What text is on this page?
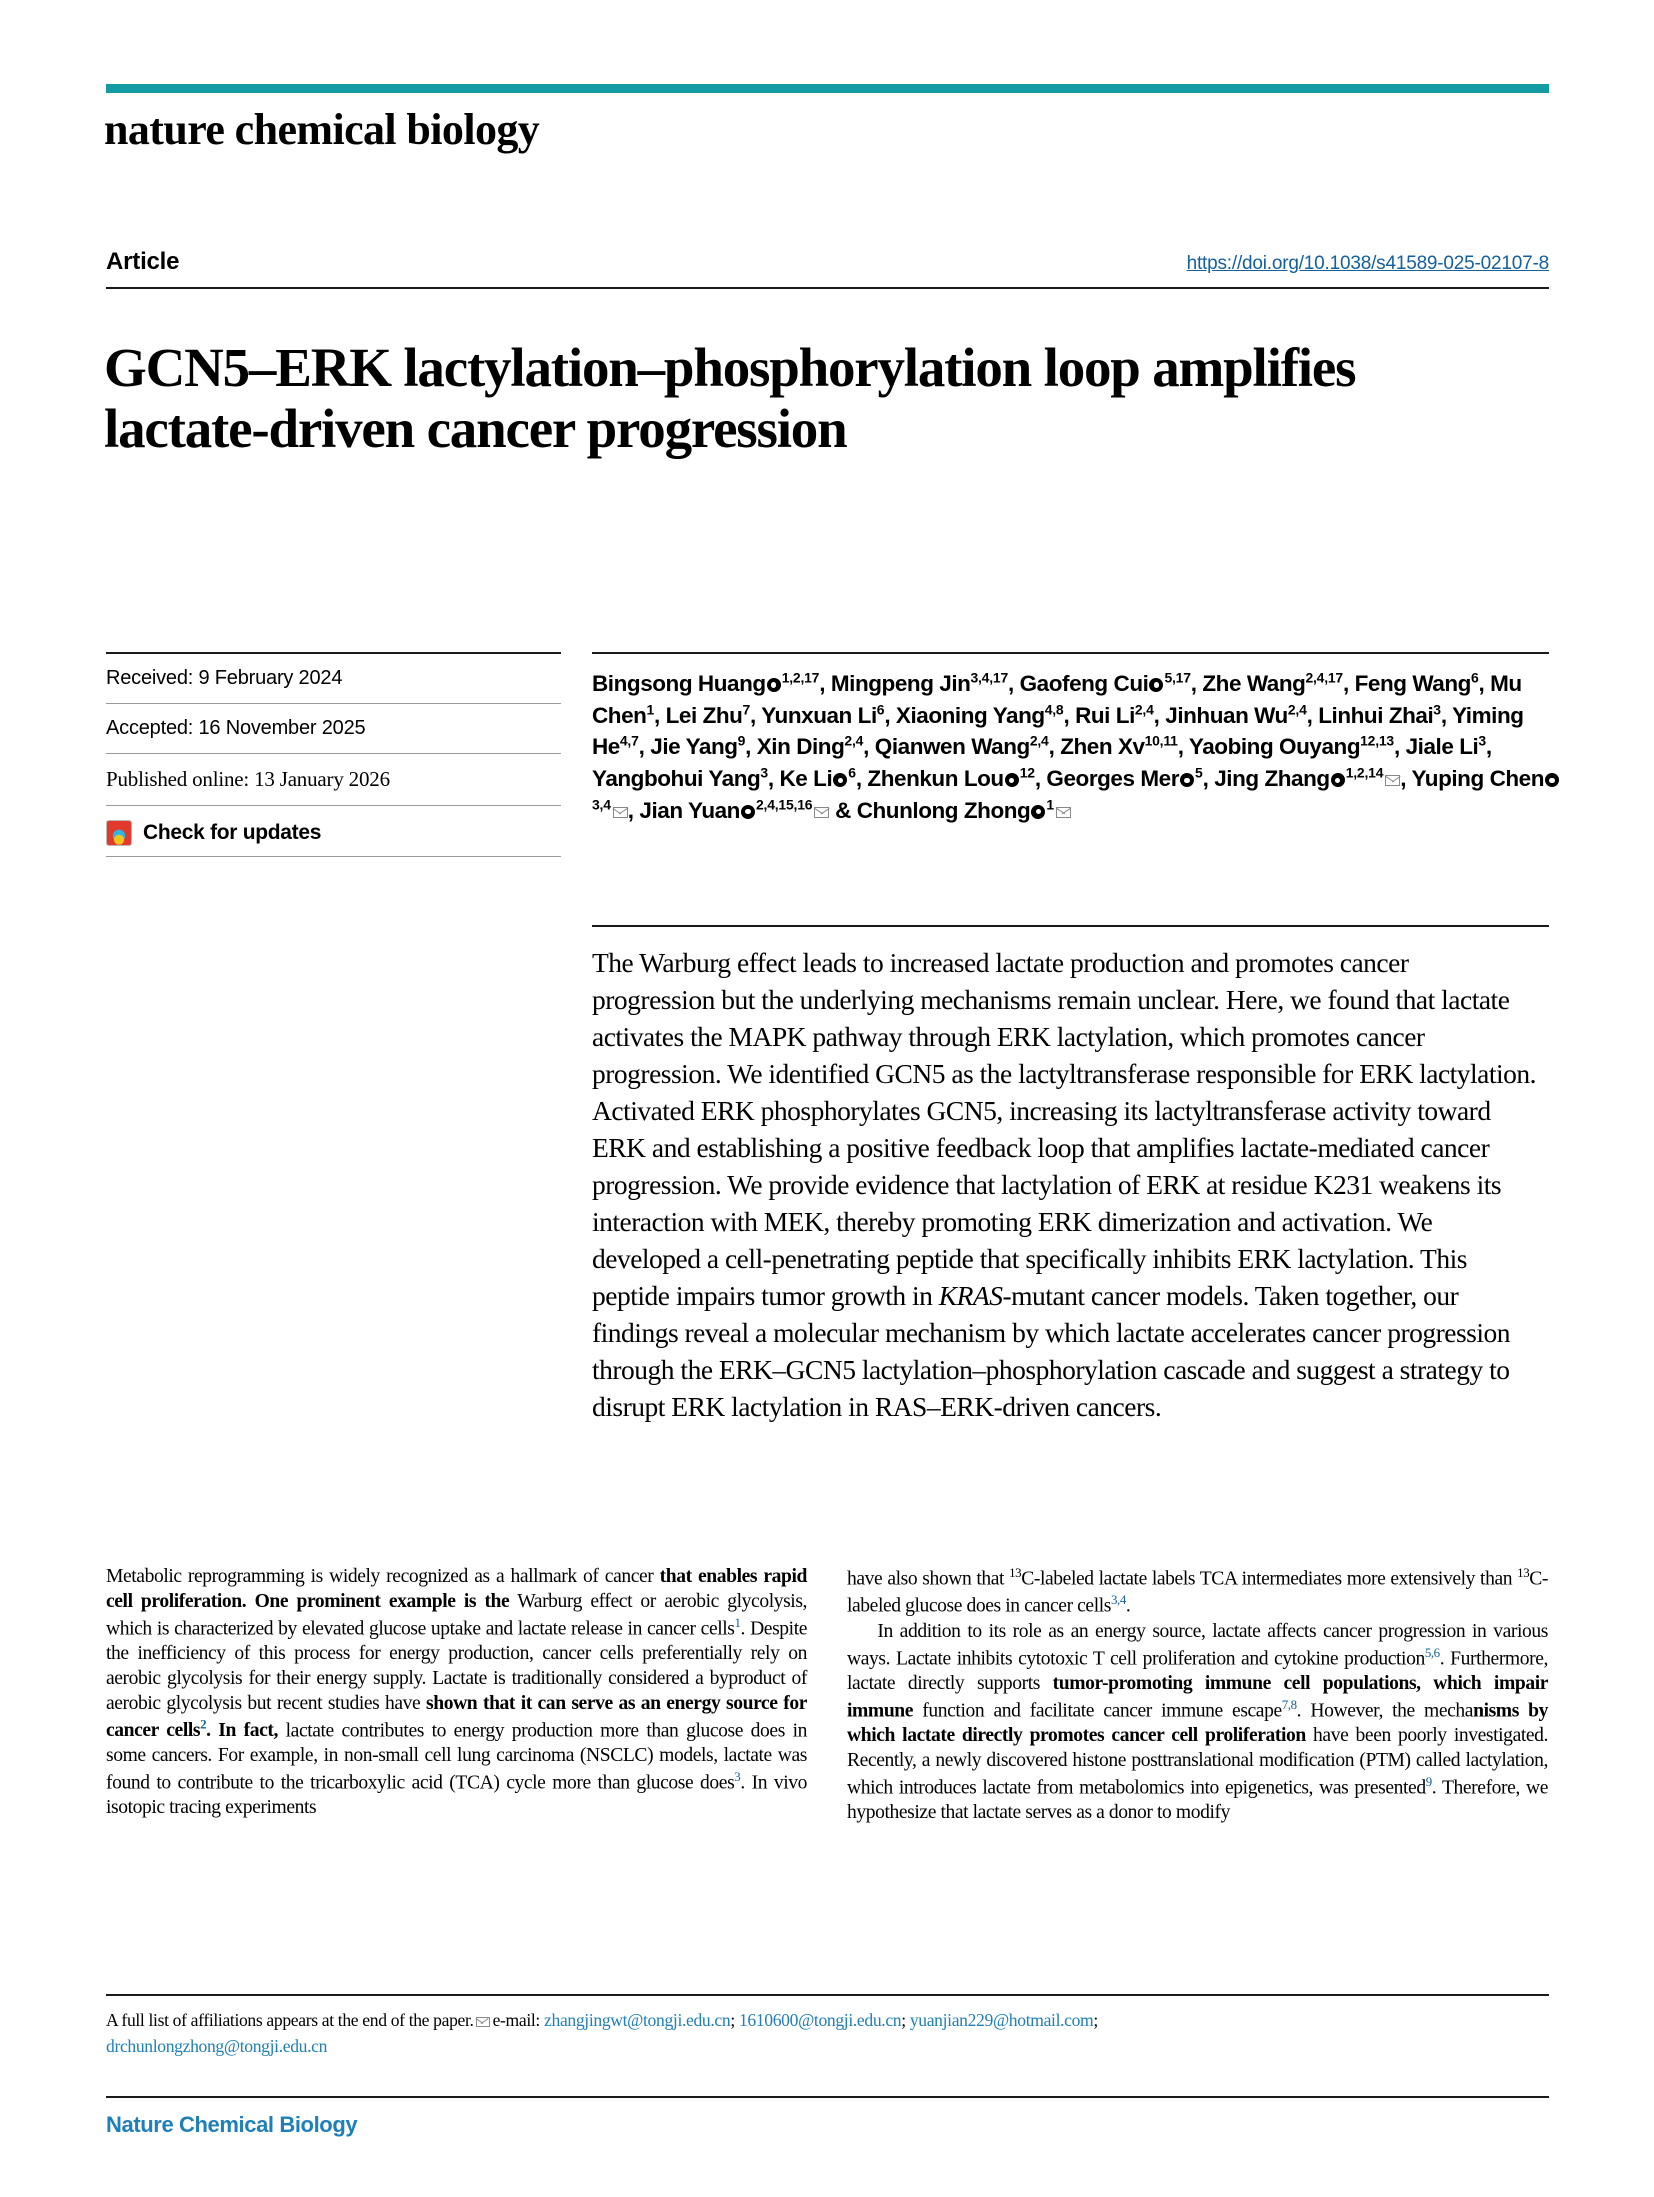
nature chemical biology
Article	https://doi.org/10.1038/s41589-025-02107-8
GCN5–ERK lactylation–phosphorylation loop amplifies lactate-driven cancer progression
Received: 9 February 2024
Accepted: 16 November 2025
Published online: 13 January 2026
Check for updates
Bingsong Huang $^{1,2,17}$, Mingpeng Jin$^{3,4,17}$, Gaofeng Cui $^{5,17}$, Zhe Wang$^{2,4,17}$, Feng Wang$^6$, Mu Chen$^1$, Lei Zhu$^7$, Yunxuan Li$^6$, Xiaoning Yang$^{4,8}$, Rui Li$^{2,4}$, Jinhuan Wu$^{2,4}$, Linhui Zhai$^3$, Yiming He$^{4,7}$, Jie Yang$^9$, Xin Ding$^{2,4}$, Qianwen Wang$^{2,4}$, Zhen Xv$^{10,11}$, Yaobing Ouyang$^{12,13}$, Jiale Li$^3$, Yangbohui Yang$^3$, Ke Li $^6$, Zhenkun Lou $^{12}$, Georges Mer $^5$, Jing Zhang $^{1,2,14}$ , Yuping Chen$^{3,4}$ , Jian Yuan $^{2,4,15,16}$ & Chunlong Zhong $^1$
The Warburg effect leads to increased lactate production and promotes cancer progression but the underlying mechanisms remain unclear. Here, we found that lactate activates the MAPK pathway through ERK lactylation, which promotes cancer progression. We identified GCN5 as the lactyltransferase responsible for ERK lactylation. Activated ERK phosphorylates GCN5, increasing its lactyltransferase activity toward ERK and establishing a positive feedback loop that amplifies lactate-mediated cancer progression. We provide evidence that lactylation of ERK at residue K231 weakens its interaction with MEK, thereby promoting ERK dimerization and activation. We developed a cell-penetrating peptide that specifically inhibits ERK lactylation. This peptide impairs tumor growth in KRAS-mutant cancer models. Taken together, our findings reveal a molecular mechanism by which lactate accelerates cancer progression through the ERK–GCN5 lactylation–phosphorylation cascade and suggest a strategy to disrupt ERK lactylation in RAS–ERK-driven cancers.

Metabolic reprogramming is widely recognized as a hallmark of cancer that enables rapid cell proliferation. One prominent example is the Warburg effect or aerobic glycolysis, which is characterized by elevated glucose uptake and lactate release in cancer cells$^1$. Despite the inefficiency of this process for energy production, cancer cells preferentially rely on aerobic glycolysis for their energy supply. Lactate is traditionally considered a byproduct of aerobic glycolysis but recent studies have shown that it can serve as an energy source for cancer cells$^2$. In fact, lactate contributes to energy production more than glucose does in some cancers. For example, in non-small cell lung carcinoma (NSCLC) models, lactate was found to contribute to the tricarboxylic acid (TCA) cycle more than glucose does$^3$. In vivo isotopic tracing experiments

have also shown that $^{13}$C-labeled lactate labels TCA intermediates more extensively than $^{13}$C-labeled glucose does in cancer cells$^{3,4}$.

In addition to its role as an energy source, lactate affects cancer progression in various ways. Lactate inhibits cytotoxic T cell proliferation and cytokine production$^{5,6}$. Furthermore, lactate directly supports tumor-promoting immune cell populations, which impair immune function and facilitate cancer immune escape$^{7,8}$. However, the mechanisms by which lactate directly promotes cancer cell proliferation have been poorly investigated. Recently, a newly discovered histone posttranslational modification (PTM) called lactylation, which introduces lactate from metabolomics into epigenetics, was presented$^9$. Therefore, we hypothesize that lactate serves as a donor to modify

A full list of affiliations appears at the end of the paper. e-mail: zhangjingwt@tongji.edu.cn; 1610600@tongji.edu.cn; yuanjian229@hotmail.com;
drchunlongzhong@tongji.edu.cn
Nature Chemical Biology
